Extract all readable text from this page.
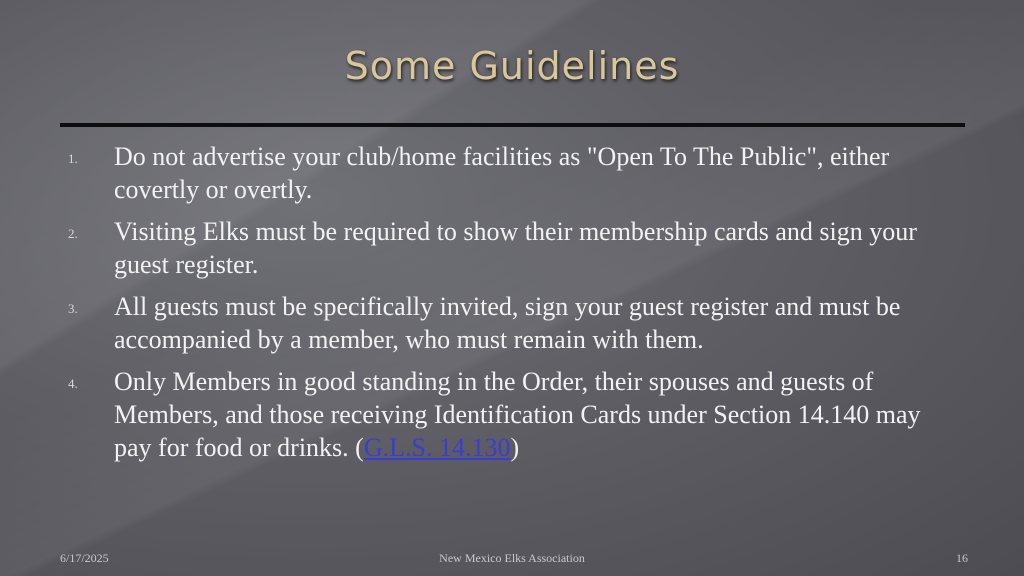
Some Guidelines
1.	Do not advertise your club/home facilities as "Open To The Public", either covertly or overtly.
2.	Visiting Elks must be required to show their membership cards and sign your guest register.
3.	All guests must be specifically invited, sign your guest register and must be accompanied by a member, who must remain with them.
4.	Only Members in good standing in the Order, their spouses and guests of Members, and those receiving Identification Cards under Section 14.140 may pay for food or drinks. (G.L.S. 14.130)
6/17/2025	New Mexico Elks Association	16
